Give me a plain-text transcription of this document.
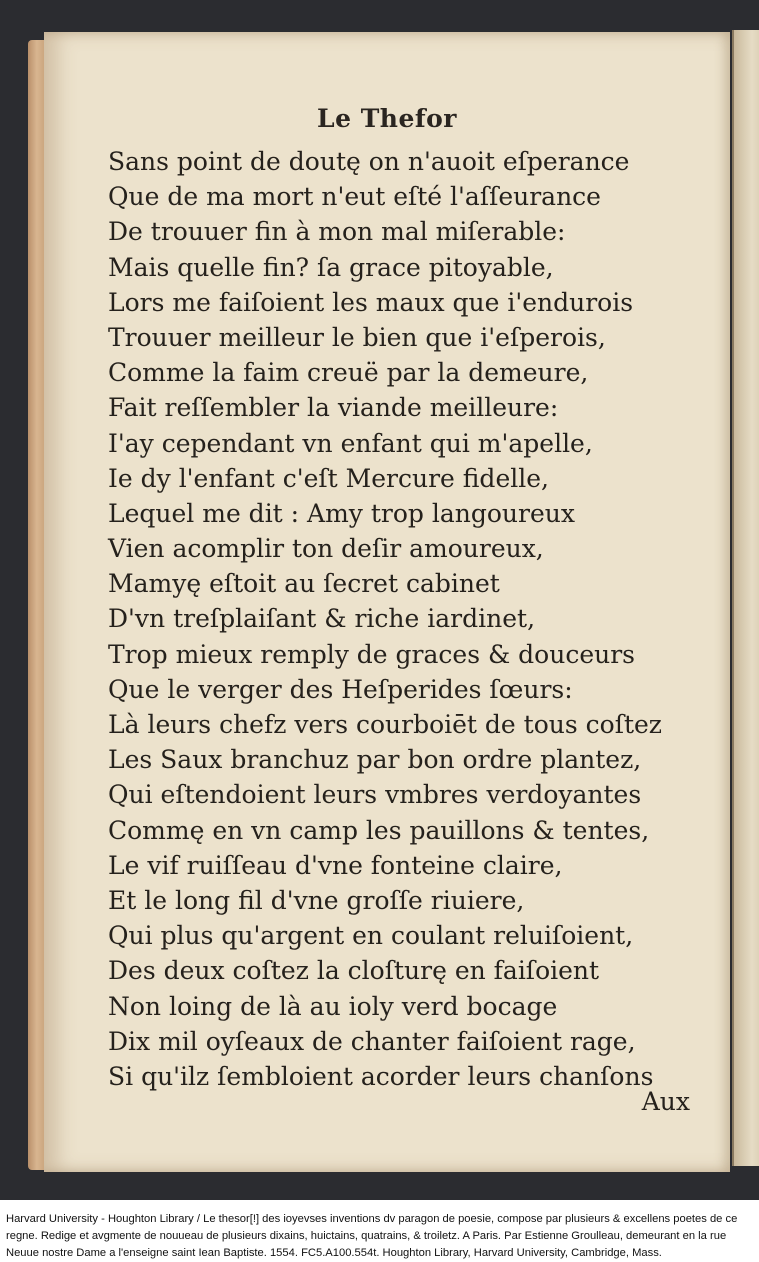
Le Thefor
Sans point de doutę on n'auoit eſperance
Que de ma mort n'eut eſté l'aſſeurance
De trouuer fin à mon mal miſerable:
Mais quelle fin? ſa grace pitoyable,
Lors me faiſoient les maux que i'endurois
Trouuer meilleur le bien que i'eſperois,
Comme la faim creuë par la demeure,
Fait reſſembler la viande meilleure:
I'ay cependant vn enfant qui m'apelle,
Ie dy l'enfant c'eſt Mercure fidelle,
Lequel me dit : Amy trop langoureux
Vien acomplir ton deſir amoureux,
Mamyę eſtoit au ſecret cabinet
D'vn treſplaiſant & riche iardinet,
Trop mieux remply de graces & douceurs
Que le verger des Heſperides ſœurs:
Là leurs chefz vers courboiēt de tous coſtez
Les Saux branchuz par bon ordre plantez,
Qui eſtendoient leurs vmbres verdoyantes
Commę en vn camp les pauillons & tentes,
Le vif ruiſſeau d'vne fonteine claire,
Et le long fil d'vne groſſe riuiere,
Qui plus qu'argent en coulant reluiſoient,
Des deux coſtez la cloſturę en faiſoient
Non loing de là au ioly verd bocage
Dix mil oyſeaux de chanter faiſoient rage,
Si qu'ilz ſembloient acorder leurs chanſons
Aux
Harvard University - Houghton Library / Le thesor[!] des ioyevses inventions dv paragon de poesie, compose par plusieurs & excellens poetes de ce regne. Redige et avgmente de nouueau de plusieurs dixains, huictains, quatrains, & troiletz. A Paris. Par Estienne Groulleau, demeurant en la rue Neuue nostre Dame a l'enseigne saint Iean Baptiste. 1554. FC5.A100.554t. Houghton Library, Harvard University, Cambridge, Mass.
